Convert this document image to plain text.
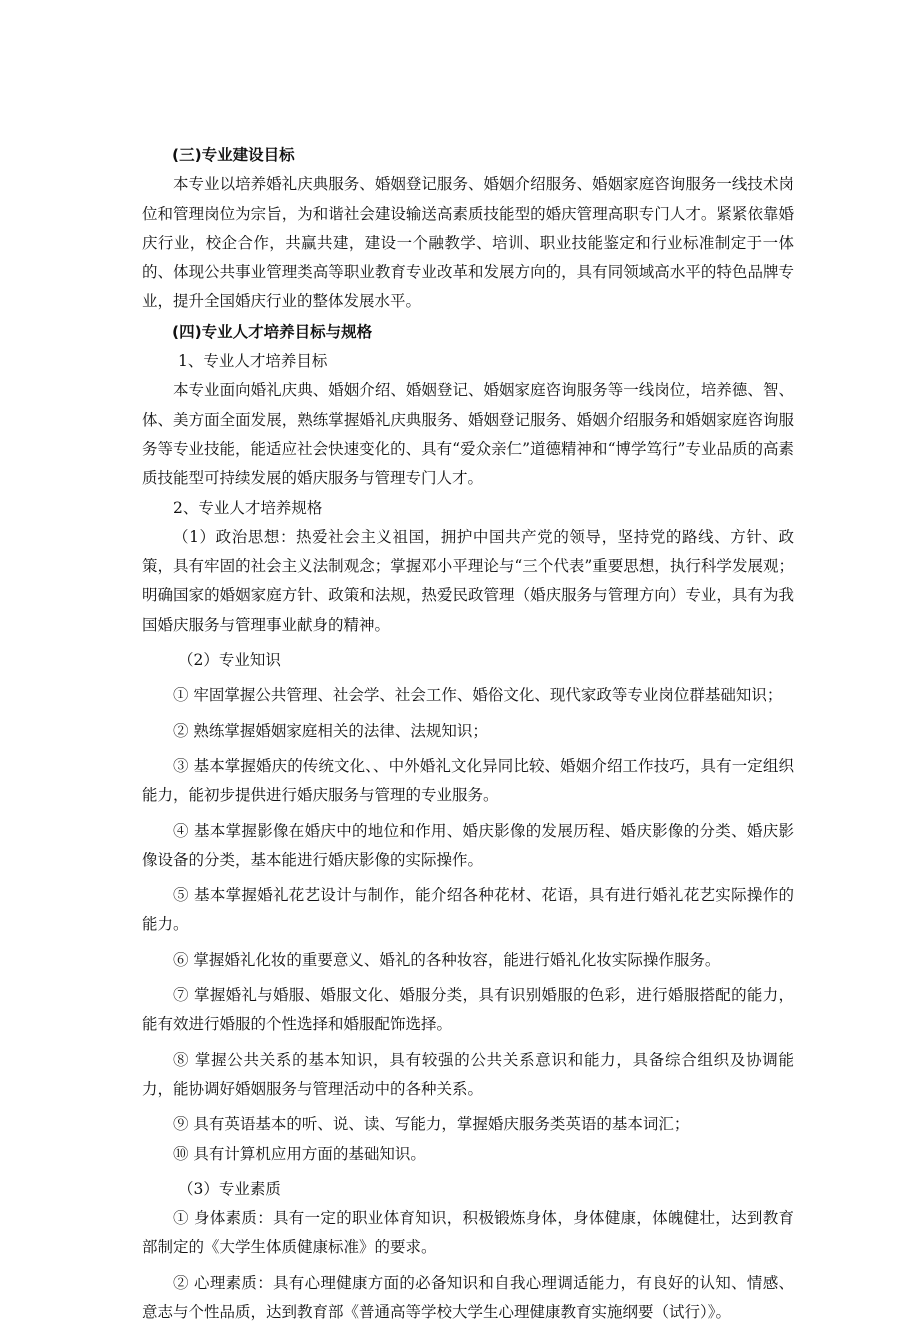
(三)专业建设目标

本专业以培养婚礼庆典服务、婚姻登记服务、婚姻介绍服务、婚姻家庭咨询服务一线技术岗位和管理岗位为宗旨，为和谐社会建设输送高素质技能型的婚庆管理高职专门人才。紧紧依靠婚庆行业，校企合作，共赢共建，建设一个融教学、培训、职业技能鉴定和行业标准制定于一体的、体现公共事业管理类高等职业教育专业改革和发展方向的，具有同领域高水平的特色品牌专业，提升全国婚庆行业的整体发展水平。

(四)专业人才培养目标与规格

1、专业人才培养目标

本专业面向婚礼庆典、婚姻介绍、婚姻登记、婚姻家庭咨询服务等一线岗位，培养德、智、体、美方面全面发展，熟练掌握婚礼庆典服务、婚姻登记服务、婚姻介绍服务和婚姻家庭咨询服务等专业技能，能适应社会快速变化的、具有“爱众亲仁”道德精神和“博学笃行”专业品质的高素质技能型可持续发展的婚庆服务与管理专门人才。

2、专业人才培养规格

（1）政治思想：热爱社会主义祖国，拥护中国共产党的领导，坚持党的路线、方针、政策，具有牢固的社会主义法制观念；掌握邓小平理论与“三个代表”重要思想，执行科学发展观；明确国家的婚姻家庭方针、政策和法规，热爱民政管理（婚庆服务与管理方向）专业，具有为我国婚庆服务与管理事业献身的精神。

（2）专业知识

① 牢固掌握公共管理、社会学、社会工作、婚俗文化、现代家政等专业岗位群基础知识；

② 熟练掌握婚姻家庭相关的法律、法规知识；

③ 基本掌握婚庆的传统文化、、中外婚礼文化异同比较、婚姻介绍工作技巧，具有一定组织能力，能初步提供进行婚庆服务与管理的专业服务。

④ 基本掌握影像在婚庆中的地位和作用、婚庆影像的发展历程、婚庆影像的分类、婚庆影像设备的分类，基本能进行婚庆影像的实际操作。

⑤ 基本掌握婚礼花艺设计与制作，能介绍各种花材、花语，具有进行婚礼花艺实际操作的能力。

⑥ 掌握婚礼化妆的重要意义、婚礼的各种妆容，能进行婚礼化妆实际操作服务。

⑦ 掌握婚礼与婚服、婚服文化、婚服分类，具有识别婚服的色彩，进行婚服搭配的能力，能有效进行婚服的个性选择和婚服配饰选择。

⑧ 掌握公共关系的基本知识，具有较强的公共关系意识和能力，具备综合组织及协调能力，能协调好婚姻服务与管理活动中的各种关系。

⑨ 具有英语基本的听、说、读、写能力，掌握婚庆服务类英语的基本词汇；

⑩ 具有计算机应用方面的基础知识。

（3）专业素质

① 身体素质：具有一定的职业体育知识，积极锻炼身体，身体健康，体魄健壮，达到教育部制定的《大学生体质健康标准》的要求。

② 心理素质：具有心理健康方面的必备知识和自我心理调适能力，有良好的认知、情感、意志与个性品质，达到教育部《普通高等学校大学生心理健康教育实施纲要（试行）》。
